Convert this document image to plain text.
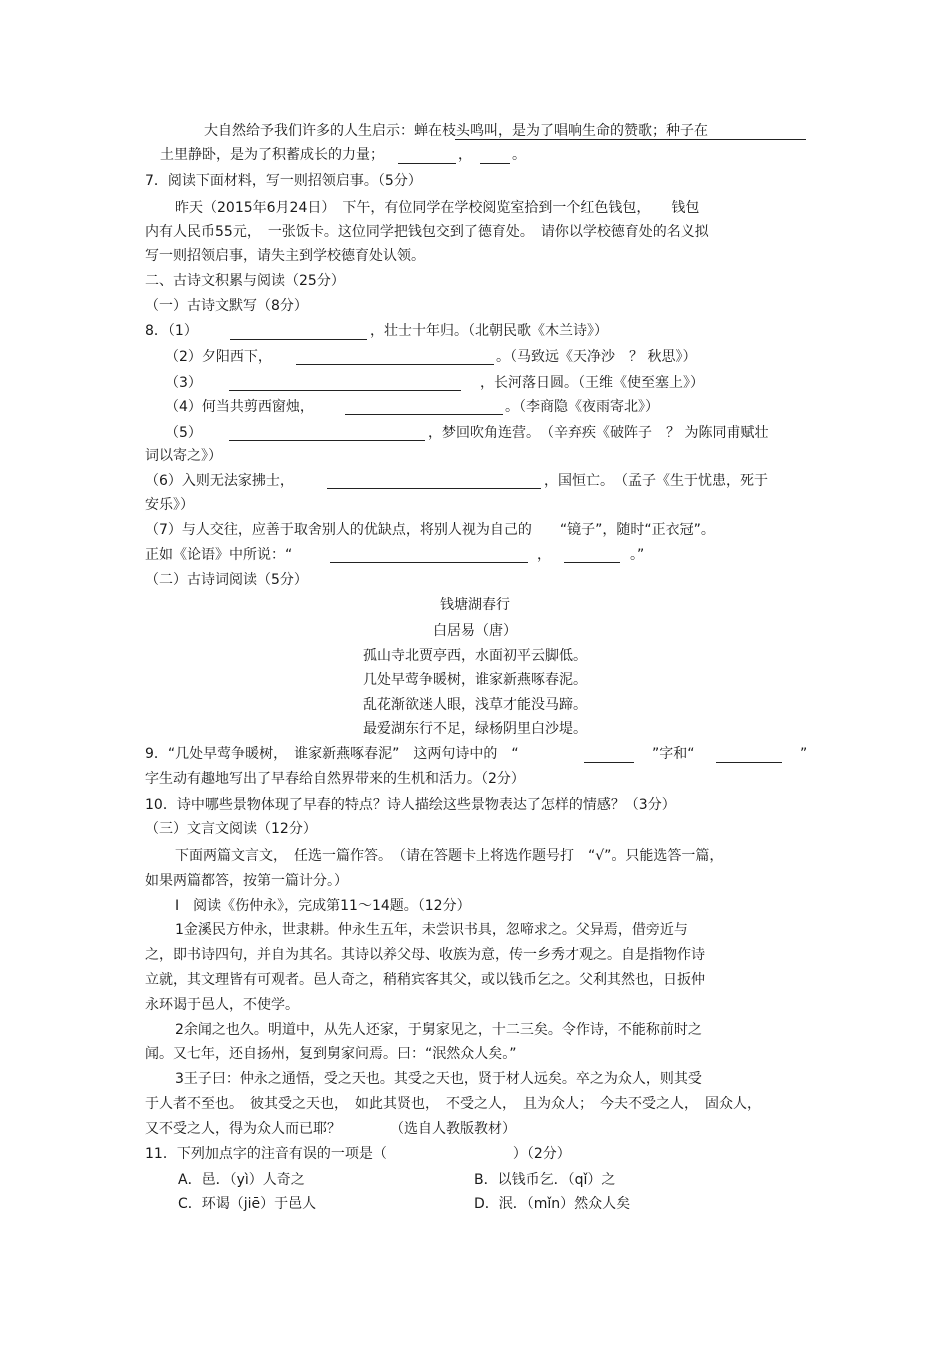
大自然给予我们许多的人生启示：蝉在枝头鸣叫，是为了唱响生命的赞歌；种子在
土里静卧，是为了积蓄成长的力量；	，	。
7．阅读下面材料，写一则招领启事。（5分）
昨天（2015年6月24日）　下午，有位同学在学校阅览室拾到一个红色钱包，　　钱包
内有人民币55元，　一张饭卡。这位同学把钱包交到了德育处。　请你以学校德育处的名义拟
写一则招领启事，请失主到学校德育处认领。
二、古诗文积累与阅读（25分）
（一）古诗文默写（8分）
8．（1）	，壮士十年归。（北朝民歌《木兰诗》）
（2）夕阳西下，	。（马致远《天净沙　？ 秋思》）
（3）	，长河落日圆。（王维《使至塞上》）
（4）何当共剪西窗烛，	。（李商隐《夜雨寄北》）
（5）	，梦回吹角连营。　（辛弃疾《破阵子　？ 为陈同甫赋壮
词以寄之》）
（6）入则无法家拂士，	，国恒亡。　（孟子《生于忧患，死于
安乐》）
（7）与人交往，应善于取舍别人的优缺点，将别人视为自己的　　“镜子”，随时“正衣冠”。
正如《论语》中所说：“	，	。”
（二）古诗词阅读（5分）
钱塘湖春行
白居易（唐）
孤山寺北贾亭西，水面初平云脚低。
几处早莺争暖树，谁家新燕啄春泥。
乱花渐欲迷人眼，浅草才能没马蹄。
最爱湖东行不足，绿杨阴里白沙堤。
9．“几处早莺争暖树，　谁家新燕啄春泥”　这两句诗中的　“	”字和“	”
字生动有趣地写出了早春给自然界带来的生机和活力。（2分）
10．诗中哪些景物体现了早春的特点？诗人描绘这些景物表达了怎样的情感？（3分）
（三）文言文阅读（12分）
下面两篇文言文，　任选一篇作答。　（请在答题卡上将选作题号打　“√”。只能选答一篇，
如果两篇都答，按第一篇计分。）
Ⅰ　阅读《伤仲永》，完成第11～14题。（12分）
1金溪民方仲永，世隶耕。仲永生五年，未尝识书具，忽啼求之。父异焉，借旁近与
之，即书诗四句，并自为其名。其诗以养父母、收族为意，传一乡秀才观之。自是指物作诗
立就，其文理皆有可观者。邑人奇之，稍稍宾客其父，或以钱币乞之。父利其然也，日扳仲
永环谒于邑人，不使学。
2余闻之也久。明道中，从先人还家，于舅家见之，十二三矣。令作诗，不能称前时之
闻。又七年，还自扬州，复到舅家问焉。曰：“泯然众人矣。”
3王子曰：仲永之通悟，受之天也。其受之天也，贤于材人远矣。卒之为众人，则其受
于人者不至也。　彼其受之天也，　如此其贤也，　不受之人，　且为众人；　今夫不受之人，　固众人，
又不受之人，得为众人而已耶？　　　　（选自人教版教材）
11．下列加点字的注音有误的一项是（　　　　　　　　　）（2分）
A．邑．（yì）人奇之	B．以钱币乞．（qǐ）之
C．环谒（jiē）于邑人	D．泯．（mǐn）然众人矣
